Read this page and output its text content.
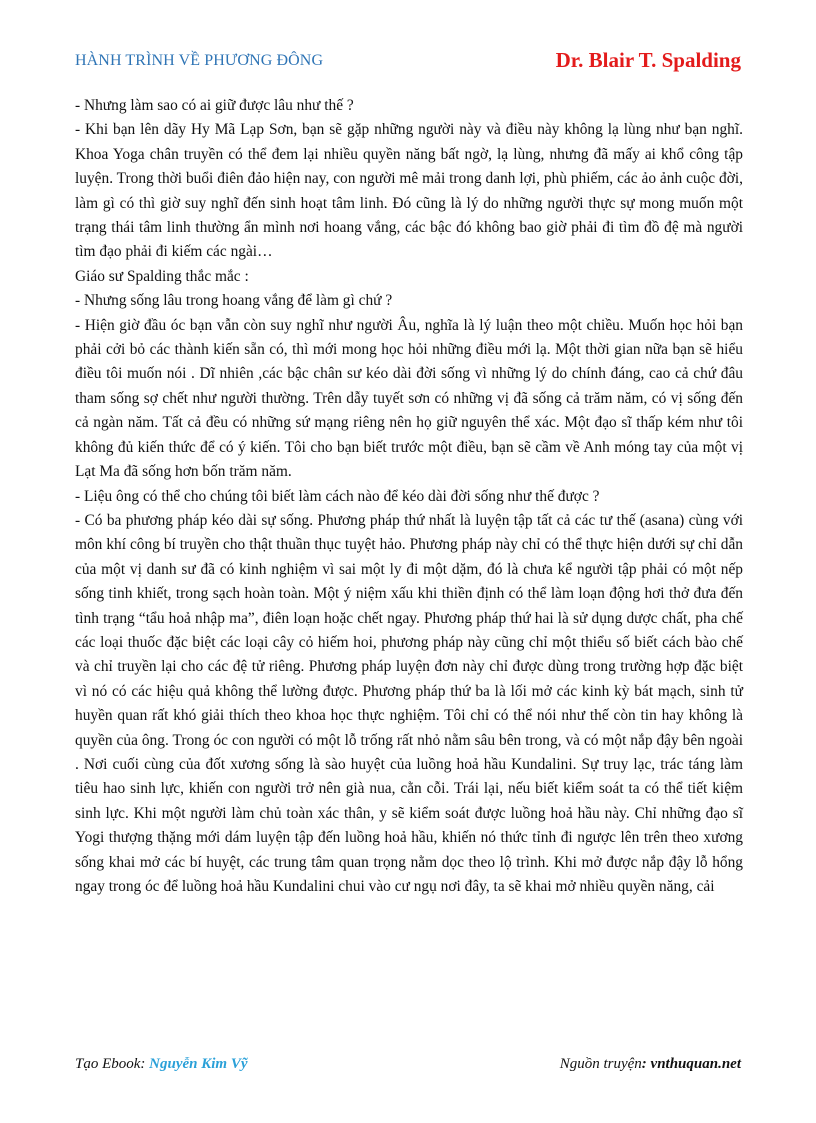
HÀNH TRÌNH VỀ PHƯƠNG ĐÔNG	Dr. Blair T. Spalding

- Nhưng làm sao có ai giữ được lâu như thế ?

- Khi bạn lên dãy Hy Mã Lạp Sơn, bạn sẽ gặp những người này và điều này không lạ lùng như bạn nghĩ. Khoa Yoga chân truyền có thể đem lại nhiều quyền năng bất ngờ, lạ lùng, nhưng đã mấy ai khổ công tập luyện. Trong thời buổi điên đảo hiện nay, con người mê mải trong danh lợi, phù phiếm, các ảo ảnh cuộc đời, làm gì có thì giờ suy nghĩ đến sinh hoạt tâm linh. Đó cũng là lý do những người thực sự mong muốn một trạng thái tâm linh thường ẩn mình nơi hoang vắng, các bậc đó không bao giờ phải đi tìm đồ đệ mà người tìm đạo phải đi kiếm các ngài…

Giáo sư Spalding thắc mắc :

- Nhưng sống lâu trong hoang vắng để làm gì chứ ?

- Hiện giờ đầu óc bạn vẫn còn suy nghĩ như người Âu, nghĩa là lý luận theo một chiều. Muốn học hỏi bạn phải cởi bỏ các thành kiến sẵn có, thì mới mong học hỏi những điều mới lạ. Một thời gian nữa bạn sẽ hiểu điều tôi muốn nói . Dĩ nhiên ,các bậc chân sư kéo dài đời sống vì những lý do chính đáng, cao cả chứ đâu tham sống sợ chết như người thường. Trên dẫy tuyết sơn có những vị đã sống cả trăm năm, có vị sống đến cả ngàn năm. Tất cả đều có những sứ mạng riêng nên họ giữ nguyên thể xác. Một đạo sĩ thấp kém như tôi không đủ kiến thức để có ý kiến. Tôi cho bạn biết trước một điều, bạn sẽ cầm về Anh móng tay của một vị Lạt Ma đã sống hơn bốn trăm năm.

- Liệu ông có thể cho chúng tôi biết làm cách nào để kéo dài đời sống như thế được ?

- Có ba phương pháp kéo dài sự sống. Phương pháp thứ nhất là luyện tập tất cả các tư thế (asana) cùng với môn khí công bí truyền cho thật thuần thục tuyệt hảo. Phương pháp này chỉ có thể thực hiện dưới sự chỉ dẫn của một vị danh sư đã có kinh nghiệm vì sai một ly đi một dặm, đó là chưa kể người tập phải có một nếp sống tinh khiết, trong sạch hoàn toàn. Một ý niệm xấu khi thiền định có thể làm loạn động hơi thở đưa đến tình trạng “tẩu hoả nhập ma”, điên loạn hoặc chết ngay. Phương pháp thứ hai là sử dụng dược chất, pha chế các loại thuốc đặc biệt các loại cây cỏ hiếm hoi, phương pháp này cũng chỉ một thiểu số biết cách bào chế và chỉ truyền lại cho các đệ tử riêng. Phương pháp luyện đơn này chỉ được dùng trong trường hợp đặc biệt vì nó có các hiệu quả không thể lường được. Phương pháp thứ ba là lối mở các kinh kỳ bát mạch, sinh tử huyền quan rất khó giải thích theo khoa học thực nghiệm. Tôi chỉ có thể nói như thế còn tin hay không là quyền của ông. Trong óc con người có một lỗ trống rất nhỏ nằm sâu bên trong, và có một nắp đậy bên ngoài . Nơi cuối cùng của đốt xương sống là sào huyệt của luồng hoả hầu Kundalini. Sự truy lạc, trác táng làm tiêu hao sinh lực, khiến con người trở nên già nua, cằn cỗi. Trái lại, nếu biết kiểm soát ta có thể tiết kiệm sinh lực. Khi một người làm chủ toàn xác thân, y sẽ kiểm soát được luồng hoả hầu này. Chỉ những đạo sĩ Yogi thượng thặng mới dám luyện tập đến luồng hoả hầu, khiến nó thức tỉnh đi ngược lên trên theo xương sống khai mở các bí huyệt, các trung tâm quan trọng nằm dọc theo lộ trình. Khi mở được nắp đậy lỗ hổng ngay trong óc để luồng hoả hầu Kundalini chui vào cư ngụ nơi đây, ta sẽ khai mở nhiều quyền năng, cải

Tạo Ebook: Nguyễn Kim Vỹ	Nguồn truyện: vnthuquan.net
